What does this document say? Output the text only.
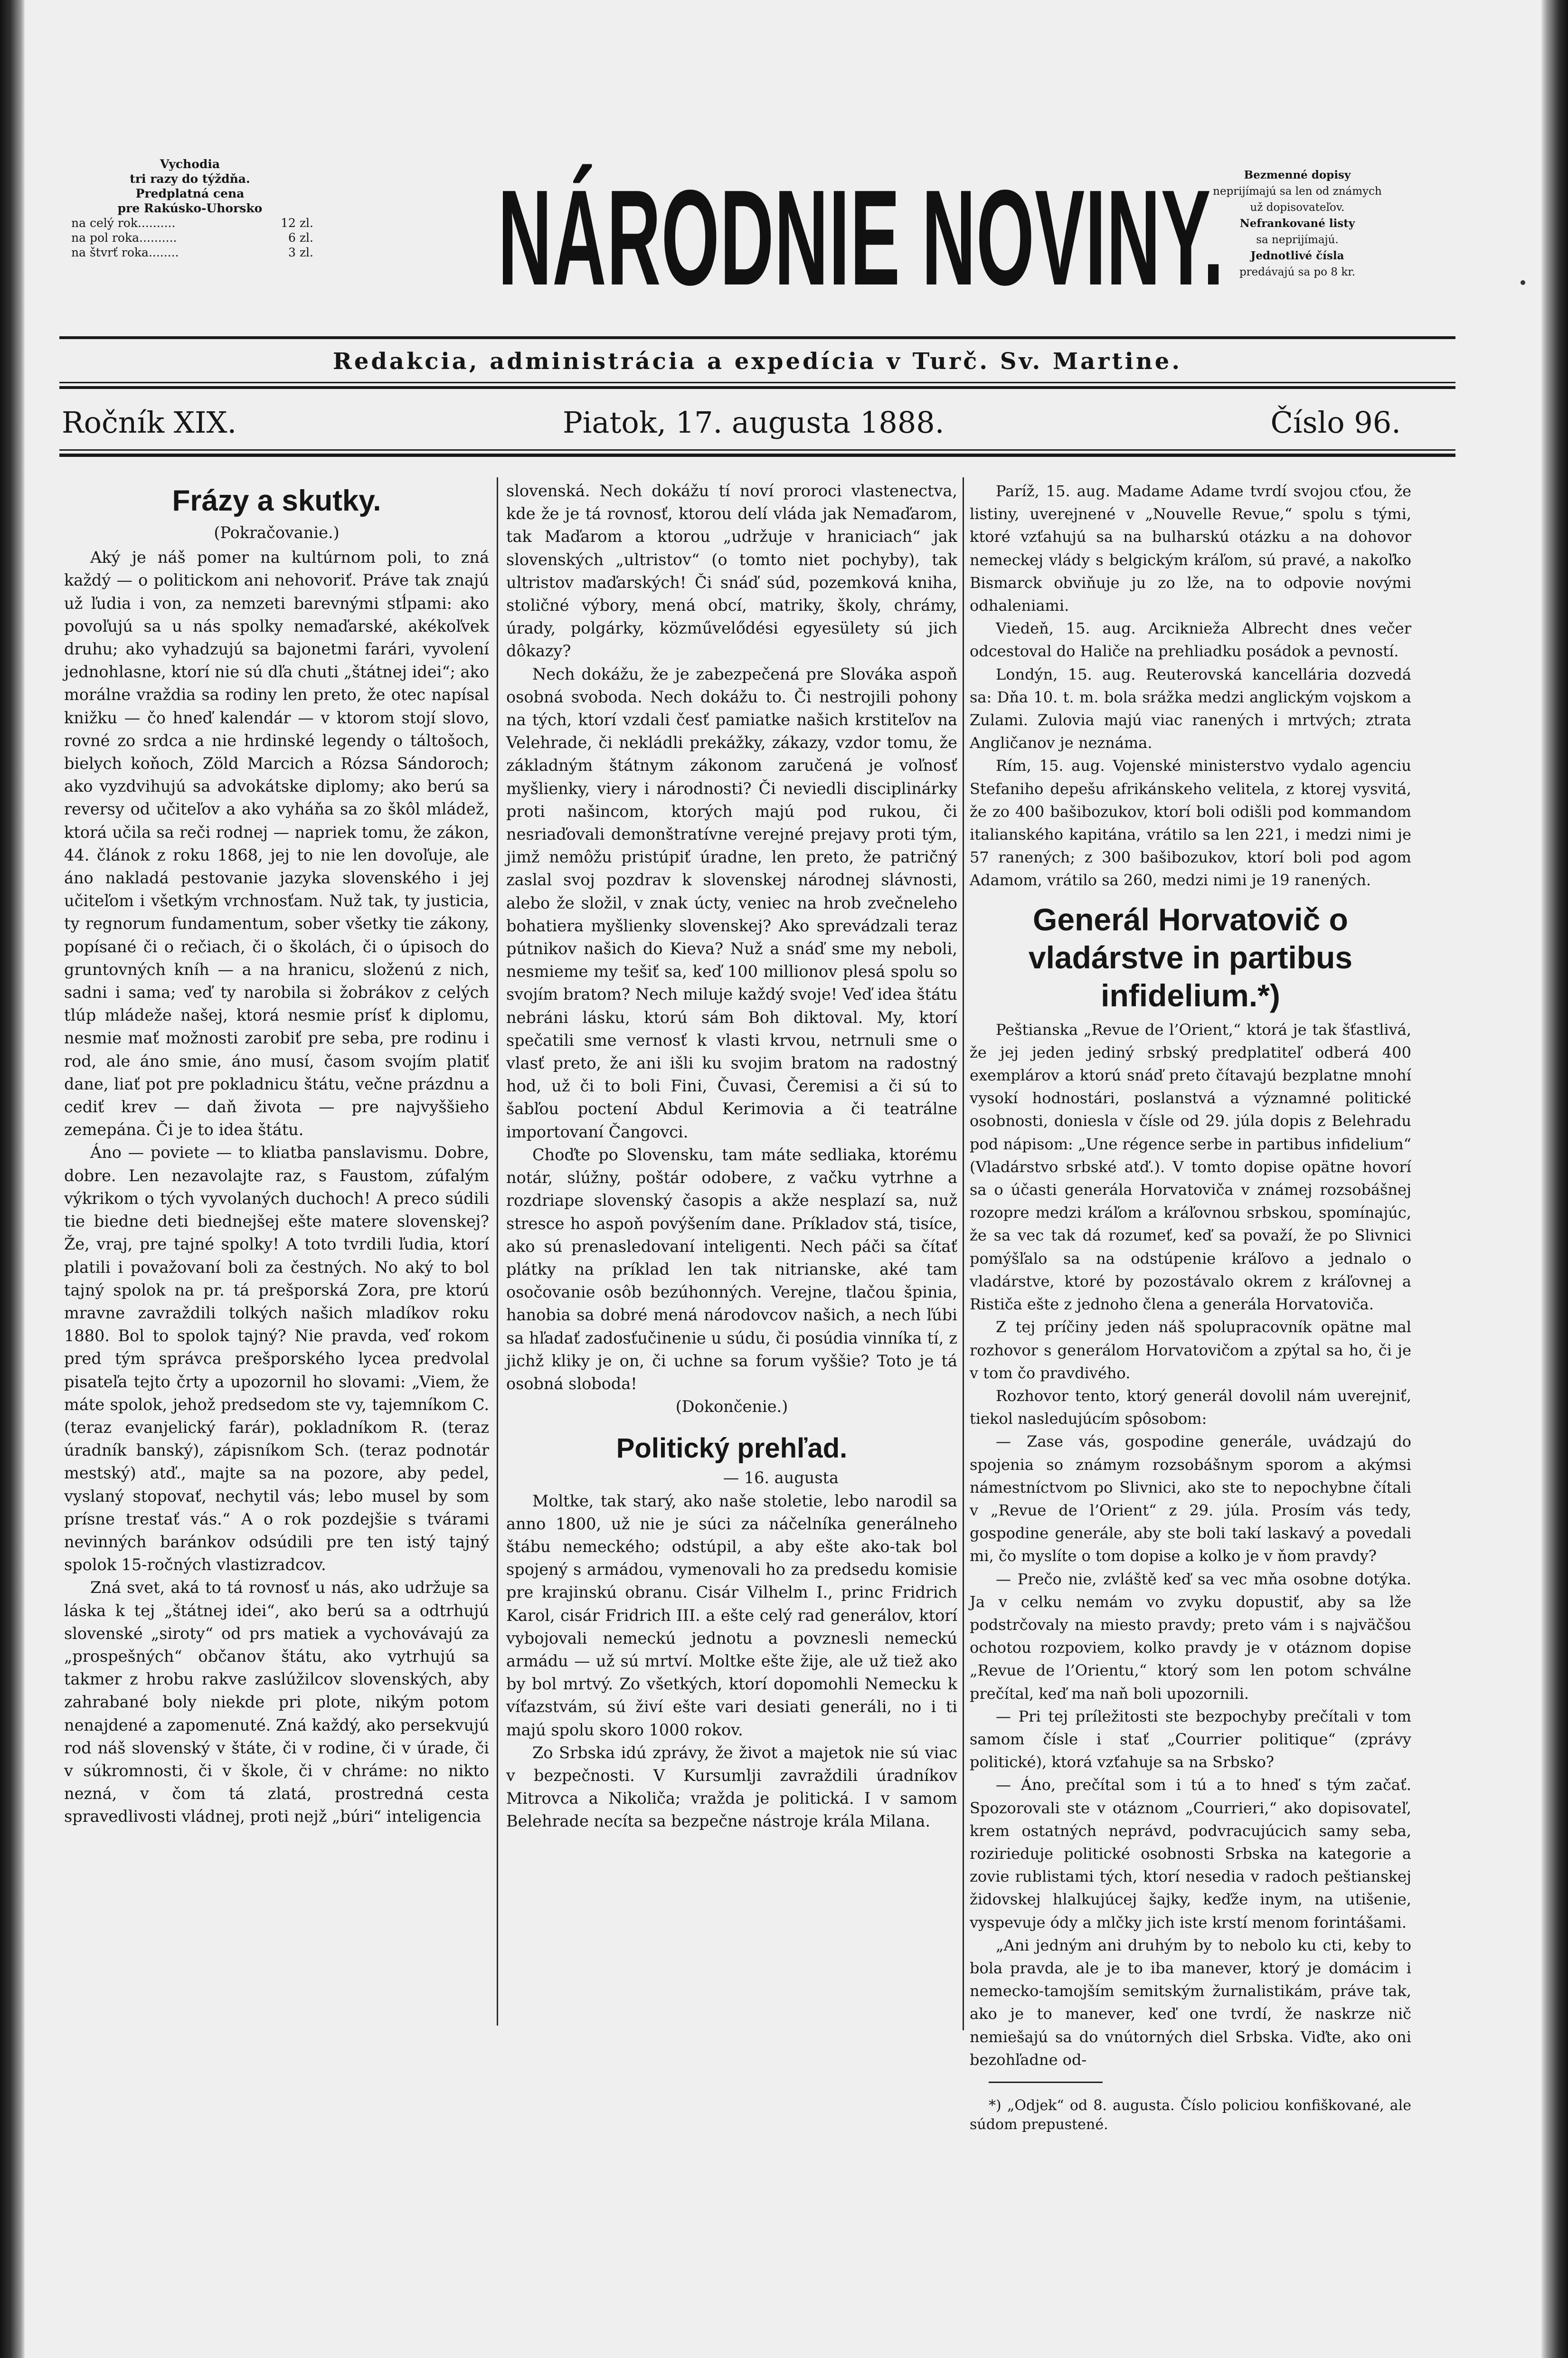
Vychodia
tri razy do týždňa.
Predplatná cena
pre Rakúsko-Uhorsko
na celý rok..........	12 zl.
na pol roka..........	6 zl.
na štvrť roka........	3 zl. NÁRODNIE NOVINY.	Bezmenné dopisy
neprijímajú sa len od známych
už dopisovateľov.
Nefrankované listy
sa neprijímajú.
Jednotlivé čísla
predávajú sa po 8 kr.
Redakcia, administrácia a expedícia v Turč. Sv. Martine.
Ročník XIX.	Piatok, 17. augusta 1888.	Číslo 96.
Frázy a skutky.
(Pokračovanie.)

Aký je náš pomer na kultúrnom poli, to zná každý — o politickom ani nehovoriť. Práve tak znajú už ľudia i von, za nemzeti barevnými stĺpami: ako povoľujú sa u nás spolky nemaďarské, akékoľvek druhu; ako vyhadzujú sa bajonetmi farári, vyvolení jednohlasne, ktorí nie sú dľa chuti „štátnej idei“; ako morálne vraždia sa rodiny len preto, že otec napísal knižku — čo hneď kalendár — v ktorom stojí slovo, rovné zo srdca a nie hrdinské legendy o táltošoch, bielych koňoch, Zöld Marcich a Rózsa Sándoroch; ako vyzdvihujú sa advokátske diplomy; ako berú sa reversy od učiteľov a ako vyháňa sa zo škôl mládež, ktorá učila sa reči rodnej — napriek tomu, že zákon, 44. článok z roku 1868, jej to nie len dovoľuje, ale áno nakladá pestovanie jazyka slovenského i jej učiteľom i všetkým vrchnosťam. Nuž tak, ty justicia, ty regnorum fundamentum, sober všetky tie zákony, popísané či o rečiach, či o školách, či o úpisoch do gruntovných kníh — a na hranicu, složenú z nich, sadni i sama; veď ty narobila si žobrákov z celých tlúp mládeže našej, ktorá nesmie prísť k diplomu, nesmie mať možnosti zarobiť pre seba, pre rodinu i rod, ale áno smie, áno musí, časom svojím platiť dane, liať pot pre pokladnicu štátu, večne prázdnu a cediť krev — daň života — pre najvyššieho zemepána. Či je to idea štátu.

Áno — poviete — to kliatba panslavismu. Dobre, dobre. Len nezavolajte raz, s Faustom, zúfalým výkrikom o tých vyvolaných duchoch! A preco súdili tie biedne deti biednejšej ešte matere slovenskej? Že, vraj, pre tajné spolky! A toto tvrdili ľudia, ktorí platili i považovaní boli za čestných. No aký to bol tajný spolok na pr. tá prešporská Zora, pre ktorú mravne zavraždili tolkých našich mladíkov roku 1880. Bol to spolok tajný? Nie pravda, veď rokom pred tým správca prešporského lycea predvolal pisateľa tejto črty a upozornil ho slovami: „Viem, že máte spolok, jehož predsedom ste vy, tajemníkom C. (teraz evanjelický farár), pokladníkom R. (teraz úradník banský), zápisníkom Sch. (teraz podnotár mestský) atď., majte sa na pozore, aby pedel, vyslaný stopovať, nechytil vás; lebo musel by som prísne trestať vás.“ A o rok pozdejšie s tvárami nevinných baránkov odsúdili pre ten istý tajný spolok 15-ročných vlastizradcov.

Zná svet, aká to tá rovnosť u nás, ako udržuje sa láska k tej „štátnej idei“, ako berú sa a odtrhujú slovenské „siroty“ od prs matiek a vychovávajú za „prospešných“ občanov štátu, ako vytrhujú sa takmer z hrobu rakve zaslúžilcov slovenských, aby zahrabané boly niekde pri plote, nikým potom nenajdené a zapomenuté. Zná každý, ako persekvujú rod náš slovenský v štáte, či v rodine, či v úrade, či v súkromnosti, či v škole, či v chráme: no nikto nezná, v čom tá zlatá, prostredná cesta spravedlivosti vládnej, proti nejž „búri“ inteligencia

slovenská. Nech dokážu tí noví proroci vlastenectva, kde že je tá rovnosť, ktorou delí vláda jak Nemaďarom, tak Maďarom a ktorou „udržuje v hraniciach“ jak slovenských „ultristov“ (o tomto niet pochyby), tak ultristov maďarských! Či snáď súd, pozemková kniha, stoličné výbory, mená obcí, matriky, školy, chrámy, úrady, polgárky, közművelődési egyesülety sú jich dôkazy?

Nech dokážu, že je zabezpečená pre Slováka aspoň osobná svoboda. Nech dokážu to. Či nestrojili pohony na tých, ktorí vzdali česť pamiatke našich krstiteľov na Velehrade, či nekládli prekážky, zákazy, vzdor tomu, že základným štátnym zákonom zaručená je voľnosť myšlienky, viery i národnosti? Či neviedli disciplinárky proti našincom, ktorých majú pod rukou, či nesriaďovali demonštratívne verejné prejavy proti tým, jimž nemôžu pristúpiť úradne, len preto, že patričný zaslal svoj pozdrav k slovenskej národnej slávnosti, alebo že složil, v znak úcty, veniec na hrob zvečneleho bohatiera myšlienky slovenskej? Ako sprevádzali teraz pútnikov našich do Kieva? Nuž a snáď sme my neboli, nesmieme my tešiť sa, keď 100 millionov plesá spolu so svojím bratom? Nech miluje každý svoje! Veď idea štátu nebráni lásku, ktorú sám Boh diktoval. My, ktorí spečatili sme vernosť k vlasti krvou, netrnuli sme o vlasť preto, že ani išli ku svojim bratom na radostný hod, už či to boli Fini, Čuvasi, Čeremisi a či sú to šabľou poctení Abdul Kerimovia a či teatrálne importovaní Čangovci.

Choďte po Slovensku, tam máte sedliaka, ktorému notár, slúžny, poštár odobere, z vačku vytrhne a rozdriape slovenský časopis a akže nesplazí sa, nuž stresce ho aspoň povýšením dane. Príkladov stá, tisíce, ako sú prenasledovaní inteligenti. Nech páči sa čítať plátky na príklad len tak nitrianske, aké tam osočovanie osôb bezúhonných. Verejne, tlačou špinia, hanobia sa dobré mená národovcov našich, a nech ľúbi sa hľadať zadosťučinenie u súdu, či posúdia vinníka tí, z jichž kliky je on, či uchne sa forum vyššie? Toto je tá osobná sloboda!

(Dokončenie.)
Politický prehľad.
— 16. augusta

Moltke, tak starý, ako naše stoletie, lebo narodil sa anno 1800, už nie je súci za náčelníka generálneho štábu nemeckého; odstúpil, a aby ešte ako-tak bol spojený s armádou, vymenovali ho za predsedu komisie pre krajinskú obranu. Cisár Vilhelm I., princ Fridrich Karol, cisár Fridrich III. a ešte celý rad generálov, ktorí vybojovali nemeckú jednotu a povznesli nemeckú armádu — už sú mrtví. Moltke ešte žije, ale už tiež ako by bol mrtvý. Zo všetkých, ktorí dopomohli Nemecku k víťazstvám, sú živí ešte vari desiati generáli, no i ti majú spolu skoro 1000 rokov.

Zo Srbska idú zprávy, že život a majetok nie sú viac v bezpečnosti. V Kursumlji zavraždili úradníkov Mitrovca a Nikoliča; vražda je politická. I v samom Belehrade necíta sa bezpečne nástroje krála Milana.

Paríž, 15. aug. Madame Adame tvrdí svojou cťou, že listiny, uverejnené v „Nouvelle Revue,“ spolu s tými, ktoré vzťahujú sa na bulharskú otázku a na dohovor nemeckej vlády s belgickým kráľom, sú pravé, a nakoľko Bismarck obviňuje ju zo lže, na to odpovie novými odhaleniami.

Viedeň, 15. aug. Arcikniežа Albrecht dnes večer odcestoval do Haliče na prehliadku posádok a pevností.

Londýn, 15. aug. Reuterovská kancellária dozvedá sa: Dňa 10. t. m. bola srážka medzi anglickým vojskom a Zulami. Zulovia majú viac ranených i mrtvých; ztrata Angličanov je neznáma.

Rím, 15. aug. Vojenské ministerstvo vydalo agenciu Stefaniho depešu afrikánskeho velitela, z ktorej vysvitá, že zo 400 bašibozukov, ktorí boli odišli pod kommandom italianského kapitána, vrátilo sa len 221, i medzi nimi je 57 ranených; z 300 bašibozukov, ktorí boli pod agom Adamom, vrátilo sa 260, medzi nimi je 19 ranených.

Generál Horvatovič o vladárstve in partibus infidelium.*)

Peštianska „Revue de l’Orient,“ ktorá je tak šťastlivá, že jej jeden jediný srbský predplatiteľ odberá 400 exemplárov a ktorú snáď preto čítavajú bezplatne mnohí vysokí hodnostári, poslanstvá a významné politické osobnosti, doniesla v čísle od 29. júla dopis z Belehradu pod nápisom: „Une régence serbe in partibus infidelium“ (Vladárstvo srbské atď.). V tomto dopise opätne hovorí sa o účasti generála Horvatoviča v známej rozsobášnej rozopre medzi kráľom a kráľovnou srbskou, spomínajúc, že sa vec tak dá rozumeť, keď sa považí, že po Slivnici pomýšľalo sa na odstúpenie kráľovo a jednalo o vladárstve, ktoré by pozostávalo okrem z kráľovnej a Rističa ešte z jednoho člena a generála Horvatoviča.

Z tej príčiny jeden náš spolupracovník opätne mal rozhovor s generálom Horvatovičom a zpýtal sa ho, či je v tom čo pravdivého.

Rozhovor tento, ktorý generál dovolil nám uverejniť, tiekol nasledujúcím spôsobom:

— Zase vás, gospodine generále, uvádzajú do spojenia so známym rozsobášnym sporom a akýmsi námestníctvom po Slivnici, ako ste to nepochybne čítali v „Revue de l’Orient“ z 29. júla. Prosím vás tedy, gospodine generále, aby ste boli takí laskavý a povedali mi, čo myslíte o tom dopise a kolko je v ňom pravdy?

— Prečo nie, zvláště keď sa vec mňa osobne dotýka. Ja v celku nemám vo zvyku dopustiť, aby sa lže podstrčovaly na miesto pravdy; preto vám i s najväčšou ochotou rozpoviem, kolko pravdy je v otáznom dopise „Revue de l’Orientu,“ ktorý som len potom schválne prečítal, keď ma naň boli upozornili.

— Pri tej príležitosti ste bezpochyby prečítali v tom samom čísle i stať „Courrier politique“ (zprávy politické), ktorá vzťahuje sa na Srbsko?

— Áno, prečítal som i tú a to hneď s tým začať. Spozorovali ste v otáznom „Courrieri,“ ako dopisovateľ, krem ostatných neprávd, podvracujúcich samy seba, rozirieduje politické osobnosti Srbska na kategorie a zovie rublistami tých, ktorí nesedia v radoch peštianskej židovskej hlalkujúcej šajky, keďže inym, na utišenie, vyspevuje ódy a mlčky jich iste krstí menom forintášami.

„Ani jedným ani druhým by to nebolo ku cti, keby to bola pravda, ale je to iba manever, ktorý je domácim i nemecko-tamojším semitským žurnalistikám, práve tak, ako je to manever, keď one tvrdí, že naskrze nič nemiešajú sa do vnútorných diel Srbska. Viďte, ako oni bezohľadne od-

*) „Odjek“ od 8. augusta. Číslo policiou konfiškované, ale súdom prepustené.
